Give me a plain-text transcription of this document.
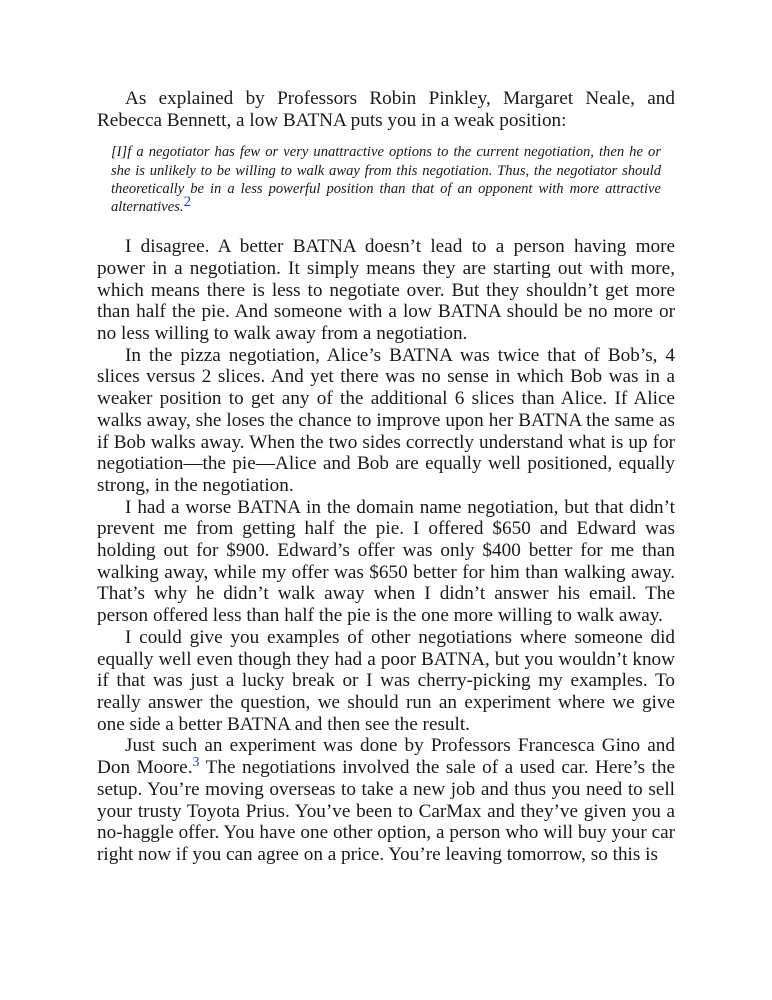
As explained by Professors Robin Pinkley, Margaret Neale, and Rebecca Bennett, a low BATNA puts you in a weak position:

[I]f a negotiator has few or very unattractive options to the current negotiation, then he or she is unlikely to be willing to walk away from this negotiation. Thus, the negotiator should theoretically be in a less powerful position than that of an opponent with more attractive alternatives.2

I disagree. A better BATNA doesn’t lead to a person having more power in a negotiation. It simply means they are starting out with more, which means there is less to negotiate over. But they shouldn’t get more than half the pie. And someone with a low BATNA should be no more or no less willing to walk away from a negotiation.

In the pizza negotiation, Alice’s BATNA was twice that of Bob’s, 4 slices versus 2 slices. And yet there was no sense in which Bob was in a weaker position to get any of the additional 6 slices than Alice. If Alice walks away, she loses the chance to improve upon her BATNA the same as if Bob walks away. When the two sides correctly understand what is up for negotiation—the pie—Alice and Bob are equally well positioned, equally strong, in the negotiation.

I had a worse BATNA in the domain name negotiation, but that didn’t prevent me from getting half the pie. I offered $650 and Edward was holding out for $900. Edward’s offer was only $400 better for me than walking away, while my offer was $650 better for him than walking away. That’s why he didn’t walk away when I didn’t answer his email. The person offered less than half the pie is the one more willing to walk away.

I could give you examples of other negotiations where someone did equally well even though they had a poor BATNA, but you wouldn’t know if that was just a lucky break or I was cherry-picking my examples. To really answer the question, we should run an experiment where we give one side a better BATNA and then see the result.

Just such an experiment was done by Professors Francesca Gino and Don Moore.$^3$ The negotiations involved the sale of a used car. Here’s the setup. You’re moving overseas to take a new job and thus you need to sell your trusty Toyota Prius. You’ve been to CarMax and they’ve given you a no-haggle offer. You have one other option, a person who will buy your car right now if you can agree on a price. You’re leaving tomorrow, so this is
